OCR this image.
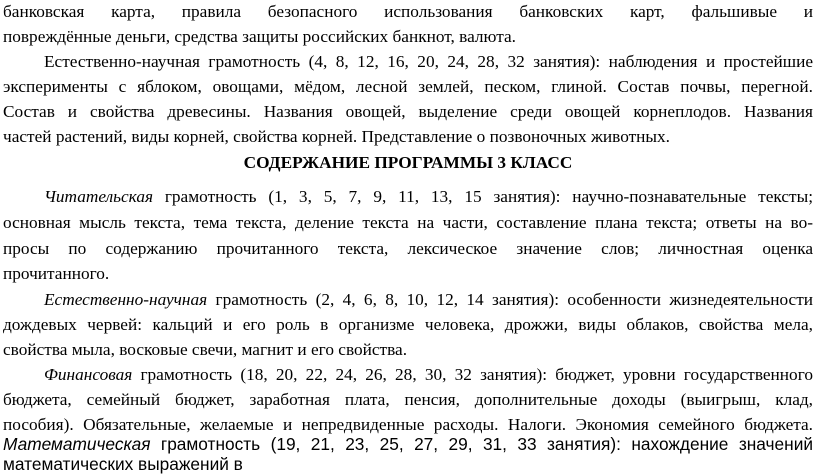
банковская карта, правила безопасного использования банковских карт, фальшивые и
повреждённые деньги, средства защиты российских банкнот, валюта.
Естественно-научная грамотность (4, 8, 12, 16, 20, 24, 28, 32 занятия): наблюдения и простейшие
эксперименты с яблоком, овощами, мёдом, лесной землей, песком, глиной. Состав почвы, перегной.
Состав и свойства древесины. Названия овощей, выделение среди овощей корнеплодов. Названия
частей растений, виды корней, свойства корней. Представление о позвоночных животных.
СОДЕРЖАНИЕ ПРОГРАММЫ 3 КЛАСС
Читательская грамотность (1, 3, 5, 7, 9, 11, 13, 15 занятия): научно-познавательные тексты;
основная мысль текста, тема текста, деление текста на части, составление плана текста; ответы на во-
просы по содержанию прочитанного текста, лексическое значение слов; личностная оценка
прочитанного.
Естественно-научная грамотность (2, 4, 6, 8, 10, 12, 14 занятия): особенности жизнедеятельности
дождевых червей: кальций и его роль в организме человека, дрожжи, виды облаков, свойства мела,
свойства мыла, восковые свечи, магнит и его свойства.
Финансовая грамотность (18, 20, 22, 24, 26, 28, 30, 32 занятия): бюджет, уровни государственного
бюджета, семейный бюджет, заработная плата, пенсия, дополнительные доходы (выигрыш, клад,
пособия). Обязательные, желаемые и непредвиденные расходы. Налоги. Экономия семейного бюджета.
Математическая грамотность (19, 21, 23, 25, 27, 29, 31, 33 занятия): нахождение значений
математических выражений в
